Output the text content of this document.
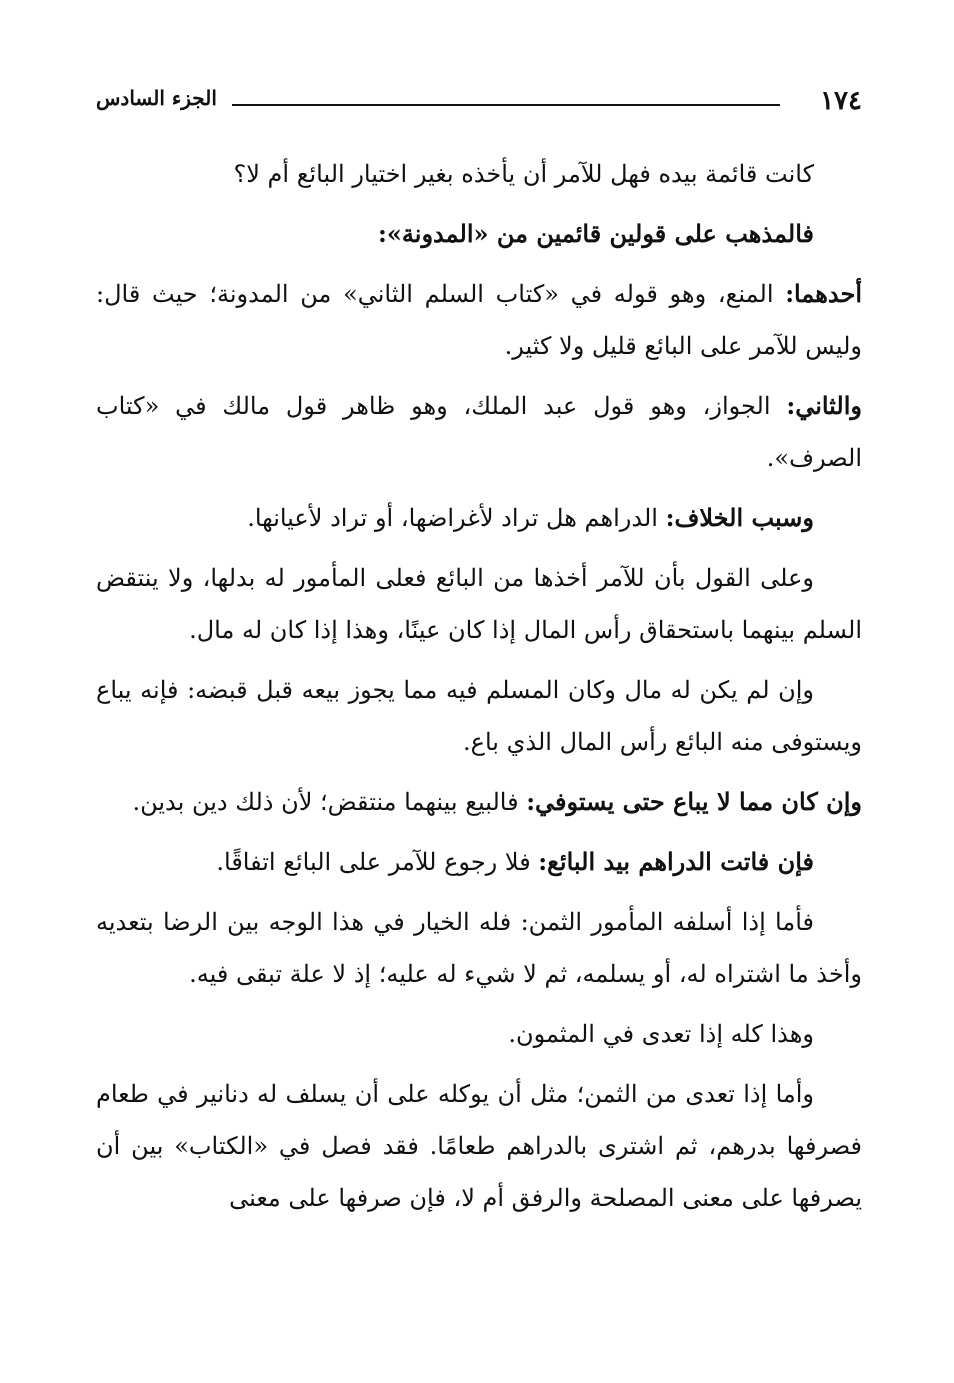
١٧٤
الجزء السادس

كانت قائمة بيده فهل للآمر أن يأخذه بغير اختيار البائع أم لا؟

فالمذهب على قولين قائمين من «المدونة»:

أحدهما: المنع، وهو قوله في «كتاب السلم الثاني» من المدونة؛ حيث قال: وليس للآمر على البائع قليل ولا كثير.

والثاني: الجواز، وهو قول عبد الملك، وهو ظاهر قول مالك في «كتاب الصرف».

وسبب الخلاف: الدراهم هل تراد لأغراضها، أو تراد لأعيانها.

وعلى القول بأن للآمر أخذها من البائع فعلى المأمور له بدلها، ولا ينتقض السلم بينهما باستحقاق رأس المال إذا كان عينًا، وهذا إذا كان له مال.

وإن لم يكن له مال وكان المسلم فيه مما يجوز بيعه قبل قبضه: فإنه يباع ويستوفى منه البائع رأس المال الذي باع.

وإن كان مما لا يباع حتى يستوفي: فالبيع بينهما منتقض؛ لأن ذلك دين بدين.

فإن فاتت الدراهم بيد البائع: فلا رجوع للآمر على البائع اتفاقًا.

فأما إذا أسلفه المأمور الثمن: فله الخيار في هذا الوجه بين الرضا بتعديه وأخذ ما اشتراه له، أو يسلمه، ثم لا شيء له عليه؛ إذ لا علة تبقى فيه.

وهذا كله إذا تعدى في المثمون.

وأما إذا تعدى من الثمن؛ مثل أن يوكله على أن يسلف له دنانير في طعام فصرفها بدرهم، ثم اشترى بالدراهم طعامًا. فقد فصل في «الكتاب» بين أن يصرفها على معنى المصلحة والرفق أم لا، فإن صرفها على معنى
